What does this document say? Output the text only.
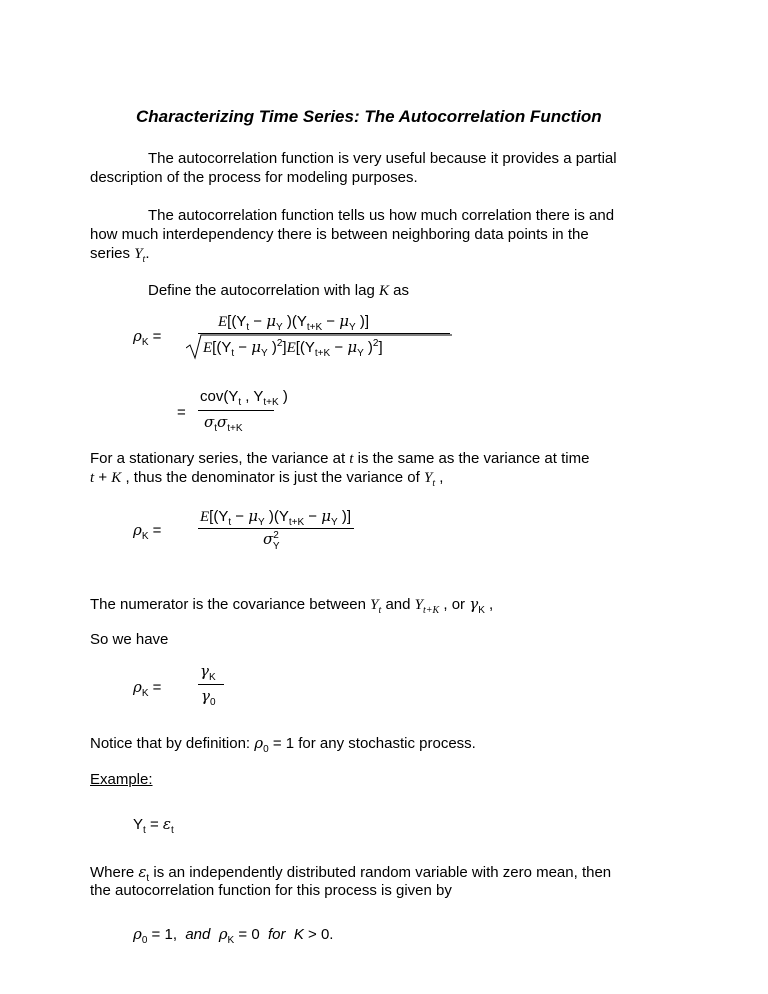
Characterizing Time Series: The Autocorrelation Function
The autocorrelation function is very useful because it provides a partial
description of the process for modeling purposes.
The autocorrelation function tells us how much correlation there is and
how much interdependency there is between neighboring data points in the
series $Y_t$.
Define the autocorrelation with lag K as
$\rho_K$ =
$E[(Y_t - \mu_Y$ )($Y_{t+K} - \mu_Y$ )]
$E[(Y_t - \mu_Y$ )$^2]E[(Y_{t+K} - \mu_Y$ )$^2$]
=
$cov(Y_t$ , $Y_{t+K}$ )
$\sigma_t\sigma_{t+K}$
For a stationary series, the variance at t is the same as the variance at time
t + K , thus the denominator is just the variance of $Y_t$ ,
$\rho_K$ =
$E[(Y_t - \mu_Y$ )($Y_{t+K} - \mu_Y$ )]
$\sigma^2_Y$
The numerator is the covariance between $Y_t$ and $Y_{t+K}$ , or $\gamma_K$ ,
So we have
$\rho_K$ =
$\gamma_K$
$\gamma_0$
Notice that by definition: $\rho_0 = 1$ for any stochastic process.
Example:
$Y_t = \varepsilon_t$
Where $\varepsilon_t$ is an independently distributed random variable with zero mean, then
the autocorrelation function for this process is given by
$\rho_0 = 1$,  and $\rho_K = 0$  for K > 0.
